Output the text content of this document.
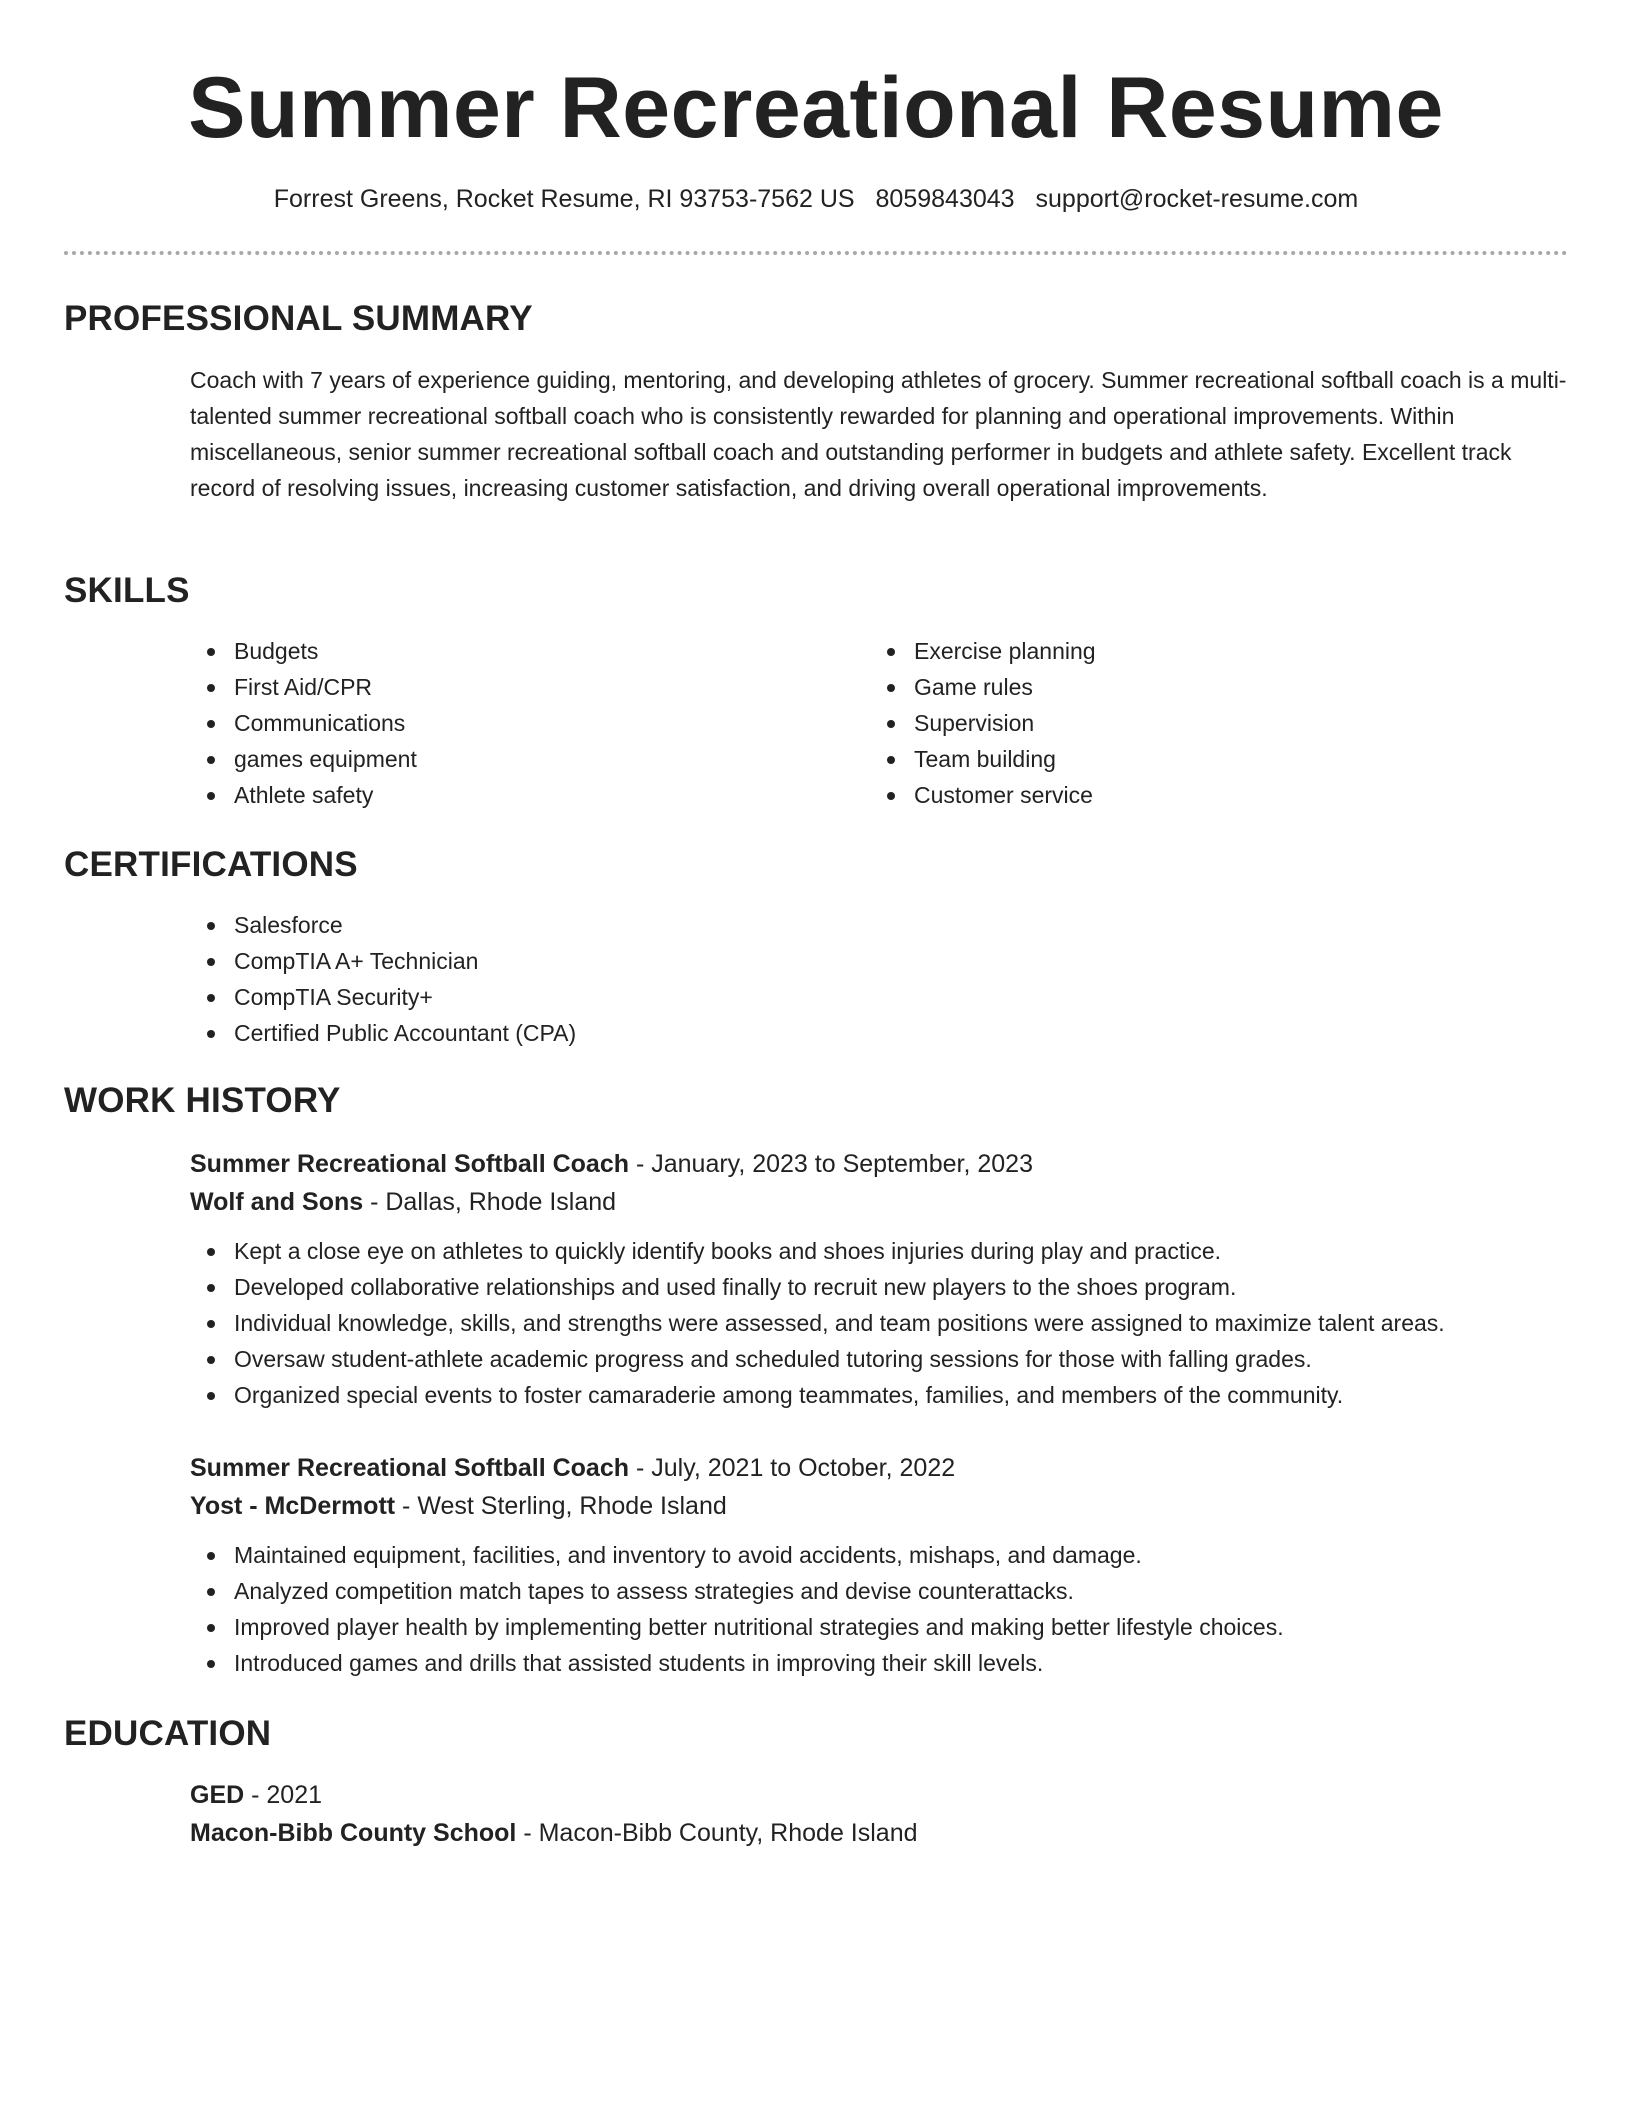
Summer Recreational Resume
Forrest Greens, Rocket Resume, RI 93753-7562 US 8059843043 support@rocket-resume.com
PROFESSIONAL SUMMARY

Coach with 7 years of experience guiding, mentoring, and developing athletes of grocery. Summer recreational softball coach is a multi-talented summer recreational softball coach who is consistently rewarded for planning and operational improvements. Within miscellaneous, senior summer recreational softball coach and outstanding performer in budgets and athlete safety. Excellent track record of resolving issues, increasing customer satisfaction, and driving overall operational improvements.

SKILLS
Budgets
First Aid/CPR
Communications
games equipment
Athlete safety
Exercise planning
Game rules
Supervision
Team building
Customer service
CERTIFICATIONS
Salesforce
CompTIA A+ Technician
CompTIA Security+
Certified Public Accountant (CPA)
WORK HISTORY
Summer Recreational Softball Coach - January, 2023 to September, 2023
Wolf and Sons - Dallas, Rhode Island
Kept a close eye on athletes to quickly identify books and shoes injuries during play and practice.
Developed collaborative relationships and used finally to recruit new players to the shoes program.
Individual knowledge, skills, and strengths were assessed, and team positions were assigned to maximize talent areas.
Oversaw student-athlete academic progress and scheduled tutoring sessions for those with falling grades.
Organized special events to foster camaraderie among teammates, families, and members of the community.
Summer Recreational Softball Coach - July, 2021 to October, 2022
Yost - McDermott - West Sterling, Rhode Island
Maintained equipment, facilities, and inventory to avoid accidents, mishaps, and damage.
Analyzed competition match tapes to assess strategies and devise counterattacks.
Improved player health by implementing better nutritional strategies and making better lifestyle choices.
Introduced games and drills that assisted students in improving their skill levels.
EDUCATION
GED - 2021
Macon-Bibb County School - Macon-Bibb County, Rhode Island
